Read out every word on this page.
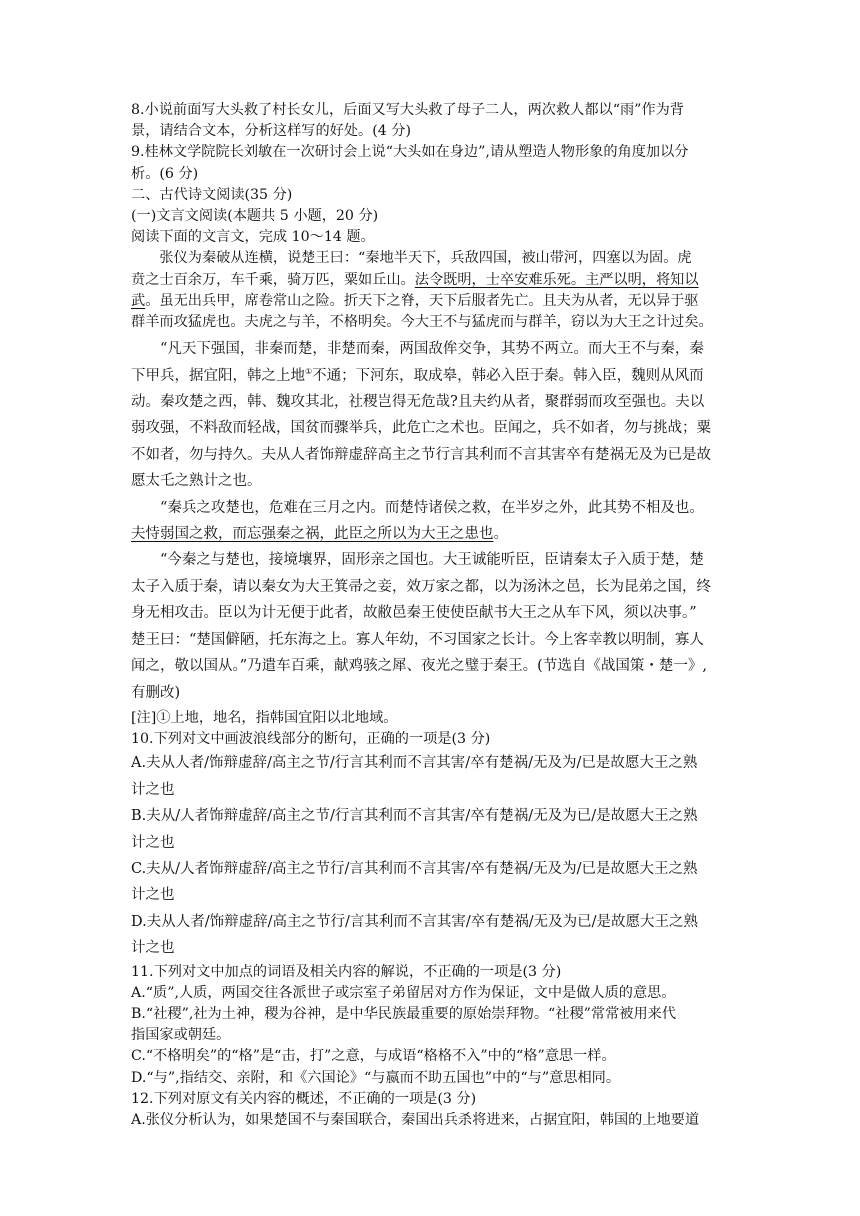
8.小说前面写大头救了村长女儿，后面又写大头救了母子二人，两次救人都以“雨”作为背
景，请结合文本，分析这样写的好处。(4 分)
9.桂林文学院院长刘敏在一次研讨会上说“大头如在身边”,请从塑造人物形象的角度加以分
析。(6 分)
二、古代诗文阅读(35 分)
(一)文言文阅读(本题共 5 小题，20 分)
阅读下面的文言文，完成 10～14 题。
张仪为秦破从连横，说楚王曰：“秦地半天下，兵敌四国，被山带河，四塞以为固。虎
贲之士百余万，车千乘，骑万匹，粟如丘山。法令既明，士卒安难乐死。主严以明，将知以
武。虽无出兵甲，席卷常山之险。折天下之脊，天下后服者先亡。且夫为从者，无以异于驱
群羊而攻猛虎也。夫虎之与羊，不格明矣。今大王不与猛虎而与群羊，窃以为大王之计过矣。
“凡天下强国，非秦而楚，非楚而秦，两国敌侔交争，其势不两立。而大王不与秦，秦
下甲兵，据宜阳，韩之上地①不通；下河东，取成皋，韩必入臣于秦。韩入臣，魏则从风而
动。秦攻楚之西，韩、魏攻其北，社稷岂得无危哉?且夫约从者，聚群弱而攻至强也。夫以
弱攻强，不料敌而轻战，国贫而骤举兵，此危亡之术也。臣闻之，兵不如者，勿与挑战；粟
不如者，勿与持久。夫从人者饰辩虚辞高主之节行言其利而不言其害卒有楚祸无及为已是故
愿太乇之熟计之也。
“秦兵之攻楚也，危难在三月之内。而楚恃诸侯之救，在半岁之外，此其势不相及也。
夫恃弱国之救，而忘强秦之祸，此臣之所以为大王之患也。
“今秦之与楚也，接境壤界，固形亲之国也。大王诚能听臣，臣请秦太子入质于楚，楚
太子入质于秦，请以秦女为大王箕帚之妾，效万家之都，以为汤沐之邑，长为昆弟之国，终
身无相攻击。臣以为计无便于此者，故敝邑秦王使使臣献书大王之从车下风，须以决事。”
楚王曰：“楚国僻陋，托东海之上。寡人年幼，不习国家之长计。今上客幸教以明制，寡人
闻之，敬以国从。”乃遣车百乘，献鸡骇之犀、夜光之璧于秦王。(节选自《战国策・楚一》,
有删改)
[注]①上地，地名，指韩国宜阳以北地域。
10.下列对文中画波浪线部分的断句，正确的一项是(3 分)
A.夫从人者/饰辩虚辞/高主之节/行言其利而不言其害/卒有楚祸/无及为/已是故愿大王之熟
计之也
B.夫从/人者饰辩虚辞/高主之节/行言其利而不言其害/卒有楚祸/无及为已/是故愿大王之熟
计之也
C.夫从/人者饰辩虚辞/高主之节行/言其利而不言其害/卒有楚祸/无及为/已是故愿大王之熟
计之也
D.夫从人者/饰辩虚辞/高主之节行/言其利而不言其害/卒有楚祸/无及为已/是故愿大王之熟
计之也
11.下列对文中加点的词语及相关内容的解说，不正确的一项是(3 分)
A.“质”,人质，两国交往各派世子或宗室子弟留居对方作为保证，文中是做人质的意思。
B.“社稷”,社为土神，稷为谷神，是中华民族最重要的原始崇拜物。“社稷”常常被用来代
指国家或朝廷。
C.“不格明矣”的“格”是“击，打”之意，与成语“格格不入”中的“格”意思一样。
D.“与”,指结交、亲附，和《六国论》“与嬴而不助五国也”中的“与”意思相同。
12.下列对原文有关内容的概述，不正确的一项是(3 分)
A.张仪分析认为，如果楚国不与秦国联合，秦国出兵杀将进来，占据宜阳，韩国的上地要道
